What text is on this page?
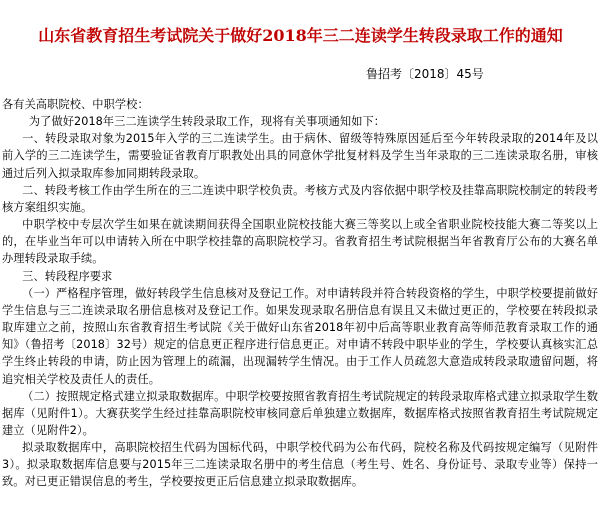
山东省教育招生考试院关于做好2018年三二连读学生转段录取工作的通知
鲁招考〔2018〕45号

各有关高职院校、中职学校：

为了做好2018年三二连读学生转段录取工作，现将有关事项通知如下：

一、转段录取对象为2015年入学的三二连读学生。由于病休、留级等特殊原因延后至今年转段录取的2014年及以前入学的三二连读学生，需要验证省教育厅职教处出具的同意休学批复材料及学生当年录取的三二连读录取名册，审核通过后列入拟录取库参加同期转段录取。

二、转段考核工作由学生所在的三二连读中职学校负责。考核方式及内容依据中职学校及挂靠高职院校制定的转段考核方案组织实施。

中职学校中专层次学生如果在就读期间获得全国职业院校技能大赛三等奖以上或全省职业院校技能大赛二等奖以上的，在毕业当年可以申请转入所在中职学校挂靠的高职院校学习。省教育招生考试院根据当年省教育厅公布的大赛名单办理转段录取手续。

三、转段程序要求

（一）严格程序管理，做好转段学生信息核对及登记工作。对申请转段并符合转段资格的学生，中职学校要提前做好学生信息与三二连读录取名册信息核对及登记工作。如果发现录取名册信息有误且又未做过更正的，学校要在转段拟录取库建立之前，按照山东省教育招生考试院《关于做好山东省2018年初中后高等职业教育高等师范教育录取工作的通知》（鲁招考〔2018〕32号）规定的信息更正程序进行信息更正。对申请不转段中职毕业的学生，学校要认真核实汇总学生终止转段的申请，防止因为管理上的疏漏，出现漏转学生情况。由于工作人员疏忽大意造成转段录取遗留问题，将追究相关学校及责任人的责任。

（二）按照规定格式建立拟录取数据库。中职学校要按照省教育招生考试院规定的转段录取库格式建立拟录取学生数据库（见附件1）。大赛获奖学生经过挂靠高职院校审核同意后单独建立数据库，数据库格式按照省教育招生考试院规定建立（见附件2）。

拟录取数据库中，高职院校招生代码为国标代码，中职学校代码为公布代码，院校名称及代码按规定编写（见附件3）。拟录取数据库信息要与2015年三二连读录取名册中的考生信息（考生号、姓名、身份证号、录取专业等）保持一致。对已更正错误信息的考生，学校要按更正后信息建立拟录取数据库。
